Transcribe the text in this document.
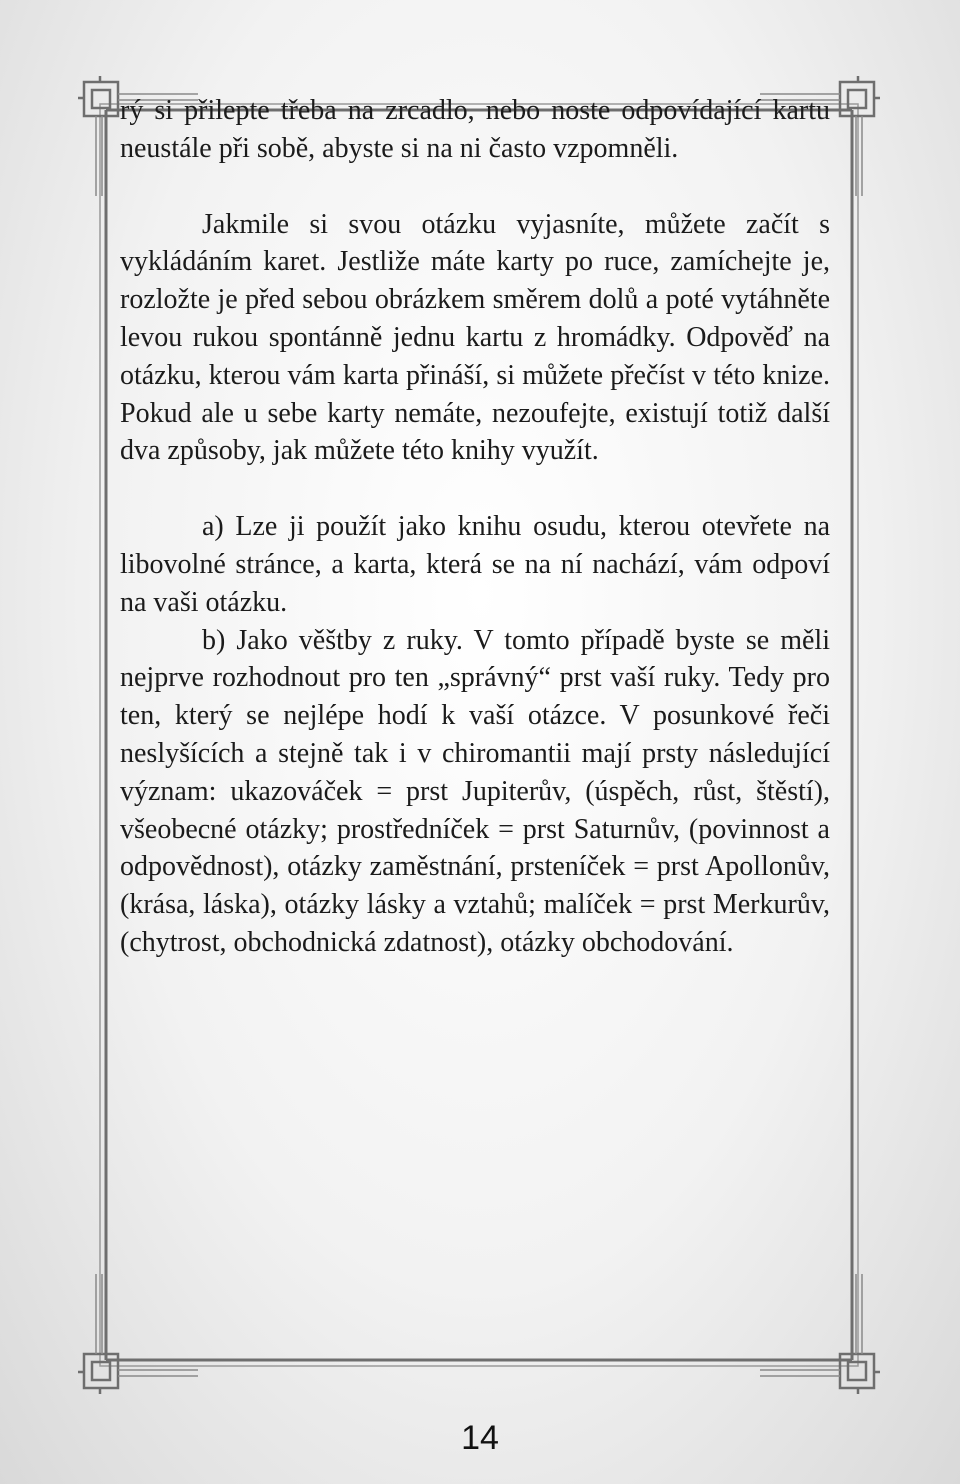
rý si přilepte třeba na zrcadlo, nebo noste odpovídající kartu neustále při sobě, abyste si na ni často vzpomněli.

Jakmile si svou otázku vyjasníte, můžete začít s vykládáním karet. Jestliže máte karty po ruce, zamíchejte je, rozložte je před sebou obrázkem směrem dolů a poté vytáhněte levou rukou spontánně jednu kartu z hromádky. Odpověď na otázku, kterou vám karta přináší, si můžete přečíst v této knize. Pokud ale u sebe karty nemáte, nezoufejte, existují totiž další dva způsoby, jak můžete této knihy využít.

a) Lze ji použít jako knihu osudu, kterou otevřete na libovolné stránce, a karta, která se na ní nachází, vám odpoví na vaši otázku.

b) Jako věštby z ruky. V tomto případě byste se měli nejprve rozhodnout pro ten „správný“ prst vaší ruky. Tedy pro ten, který se nejlépe hodí k vaší otázce. V posunkové řeči neslyšících a stejně tak i v chiromantii mají prsty následující význam: ukazováček = prst Jupiterův, (úspěch, růst, štěstí), všeobecné otázky; prostředníček = prst Saturnův, (povinnost a odpovědnost), otázky zaměstnání, prsteníček = prst Apollonův, (krása, láska), otázky lásky a vztahů; malíček = prst Merkurův, (chytrost, obchodnická zdatnost), otázky obchodování.

14
